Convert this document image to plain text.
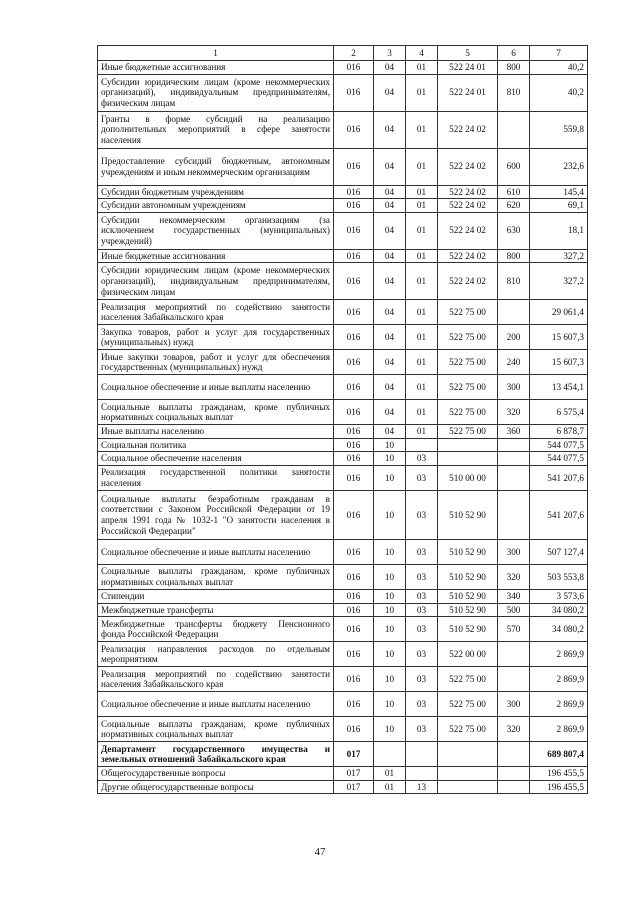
1	2	3	4	5	6	7
Иные бюджетные ассигнования	016	04	01	522 24 01	800	40,2
Субсидии юридическим лицам (кроме некоммерческих организаций), индивидуальным предпринимателям, физическим лицам	016	04	01	522 24 01	810	40,2
Гранты в форме субсидий на реализацию дополнительных мероприятий в сфере занятости населения	016	04	01	522 24 02		559,8
Предоставление субсидий бюджетным, автономным учреждениям и иным некоммерческим организациям	016	04	01	522 24 02	600	232,6
Субсидии бюджетным учреждениям	016	04	01	522 24 02	610	145,4
Субсидии автономным учреждениям	016	04	01	522 24 02	620	69,1
Субсидии некоммерческим организациям (за исключением государственных (муниципальных) учреждений)	016	04	01	522 24 02	630	18,1
Иные бюджетные ассигнования	016	04	01	522 24 02	800	327,2
Субсидии юридическим лицам (кроме некоммерческих организаций), индивидуальным предпринимателям, физическим лицам	016	04	01	522 24 02	810	327,2
Реализация мероприятий по содействию занятости населения Забайкальского края	016	04	01	522 75 00		29 061,4
Закупка товаров, работ и услуг для государственных (муниципальных) нужд	016	04	01	522 75 00	200	15 607,3
Иные закупки товаров, работ и услуг для обеспечения государственных (муниципальных) нужд	016	04	01	522 75 00	240	15 607,3
Социальное обеспечение и иные выплаты населению	016	04	01	522 75 00	300	13 454,1
Социальные выплаты гражданам, кроме публичных нормативных социальных выплат	016	04	01	522 75 00	320	6 575,4
Иные выплаты населению	016	04	01	522 75 00	360	6 878,7
Социальная политика	016	10				544 077,5
Социальное обеспечение населения	016	10	03			544 077,5
Реализация государственной политики занятости населения	016	10	03	510 00 00		541 207,6
Социальные выплаты безработным гражданам в соответствии с Законом Российской Федерации от 19 апреля 1991 года № 1032-1 "О занятости населения в Российской Федерации"	016	10	03	510 52 90		541 207,6
Социальное обеспечение и иные выплаты населению	016	10	03	510 52 90	300	507 127,4
Социальные выплаты гражданам, кроме публичных нормативных социальных выплат	016	10	03	510 52 90	320	503 553,8
Стипендии	016	10	03	510 52 90	340	3 573,6
Межбюджетные трансферты	016	10	03	510 52 90	500	34 080,2
Межбюджетные трансферты бюджету Пенсионного фонда Российской Федерации	016	10	03	510 52 90	570	34 080,2
Реализация направления расходов по отдельным мероприятиям	016	10	03	522 00 00		2 869,9
Реализация мероприятий по содействию занятости населения Забайкальского края	016	10	03	522 75 00		2 869,9
Социальное обеспечение и иные выплаты населению	016	10	03	522 75 00	300	2 869,9
Социальные выплаты гражданам, кроме публичных нормативных социальных выплат	016	10	03	522 75 00	320	2 869,9
Департамент государственного имущества и земельных отношений Забайкальского края	017					689 807,4
Общегосударственные вопросы	017	01				196 455,5
Другие общегосударственные вопросы	017	01	13			196 455,5
47
